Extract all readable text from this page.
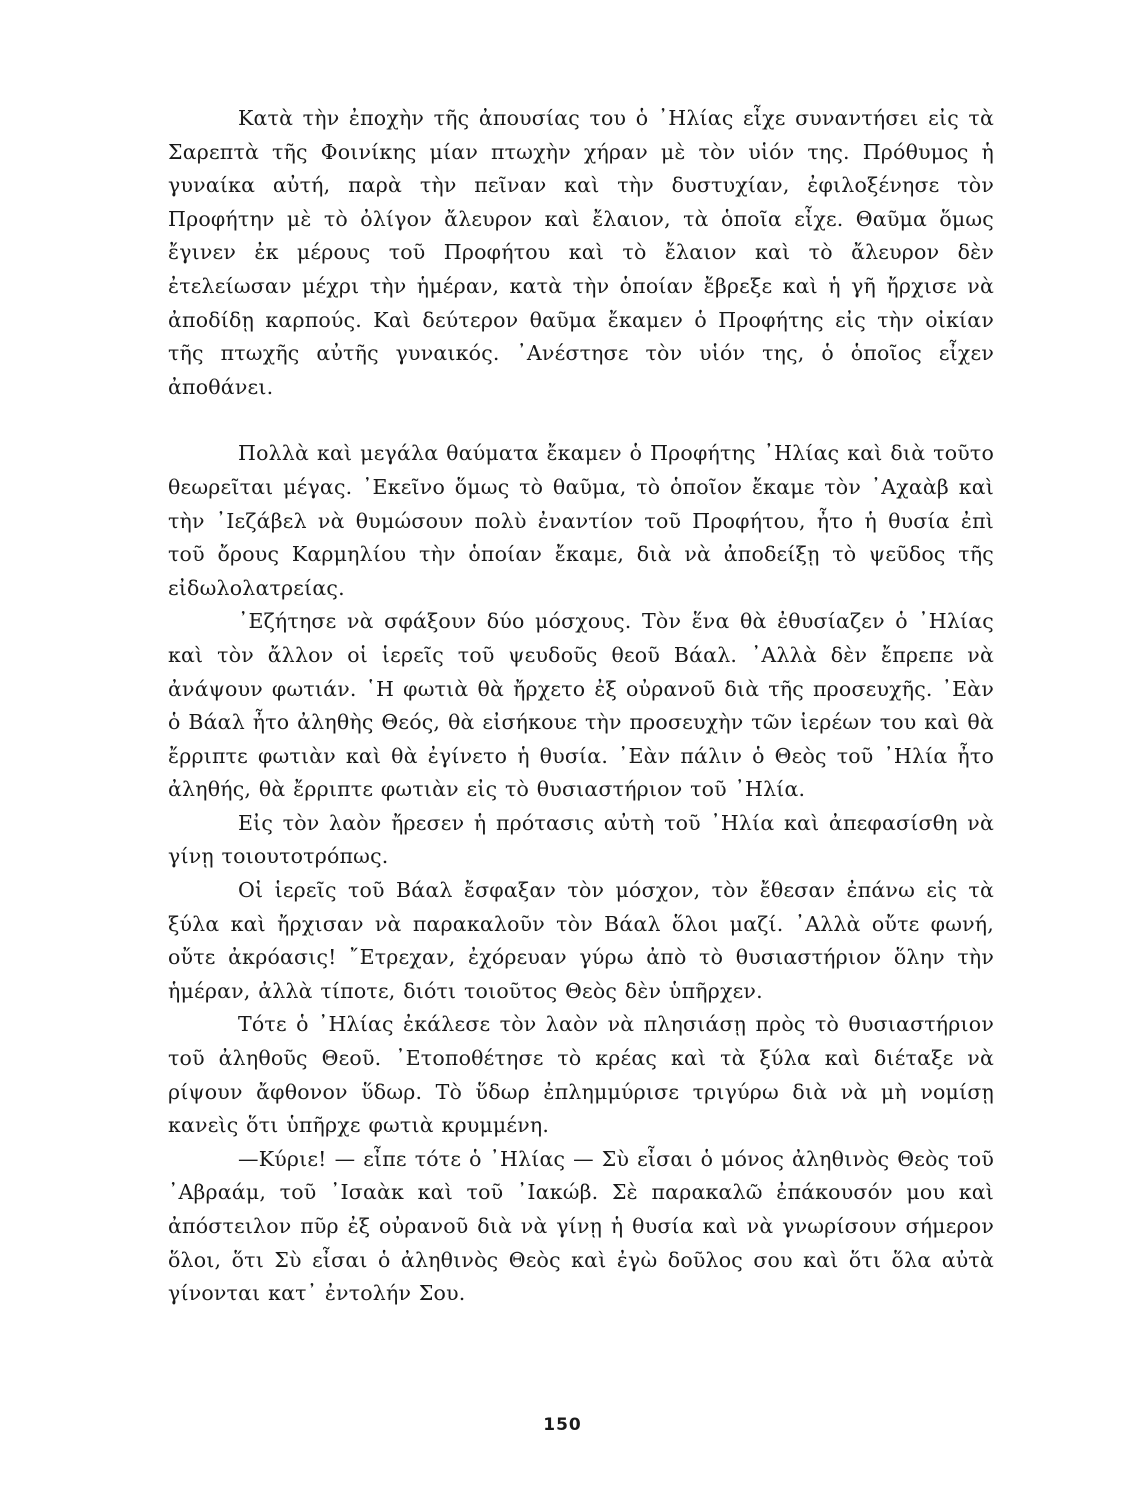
Κατὰ τὴν ἐποχὴν τῆς ἀπουσίας του ὁ ᾿Ηλίας εἶχε συναντήσει εἰς τὰ Σαρεπτὰ τῆς Φοινίκης μίαν πτωχὴν χήραν μὲ τὸν υἱόν της. Πρόθυμος ἡ γυναίκα αὐτή, παρὰ τὴν πεῖναν καὶ τὴν δυστυχίαν, ἐφιλοξένησε τὸν Προφήτην μὲ τὸ ὀλίγον ἄλευρον καὶ ἔλαιον, τὰ ὁποῖα εἶχε. Θαῦμα ὅμως ἔγινεν ἐκ μέρους τοῦ Προφήτου καὶ τὸ ἔλαιον καὶ τὸ ἄλευρον δὲν ἐτελείωσαν μέχρι τὴν ἡμέραν, κατὰ τὴν ὁποίαν ἔβρεξε καὶ ἡ γῆ ἤρχισε νὰ ἀποδίδῃ καρπούς. Καὶ δεύτερον θαῦμα ἔκαμεν ὁ Προφήτης εἰς τὴν οἰκίαν τῆς πτωχῆς αὐτῆς γυναικός. ᾿Ανέστησε τὸν υἱόν της, ὁ ὁποῖος εἶχεν ἀποθάνει.

Πολλὰ καὶ μεγάλα θαύματα ἔκαμεν ὁ Προφήτης ᾿Ηλίας καὶ διὰ τοῦτο θεωρεῖται μέγας. ᾿Εκεῖνο ὅμως τὸ θαῦμα, τὸ ὁποῖον ἔκαμε τὸν ᾿Αχαὰβ καὶ τὴν ᾿Ιεζάβελ νὰ θυμώσουν πολὺ ἐναντίον τοῦ Προφήτου, ἦτο ἡ θυσία ἐπὶ τοῦ ὄρους Καρμηλίου τὴν ὁποίαν ἔκαμε, διὰ νὰ ἀποδείξῃ τὸ ψεῦδος τῆς εἰδωλολατρείας.

᾿Εζήτησε νὰ σφάξουν δύο μόσχους. Τὸν ἕνα θὰ ἐθυσίαζεν ὁ ᾿Ηλίας καὶ τὸν ἄλλον οἱ ἱερεῖς τοῦ ψευδοῦς θεοῦ Βάαλ. ᾿Αλλὰ δὲν ἔπρεπε νὰ ἀνάψουν φωτιάν. ῾Η φωτιὰ θὰ ἤρχετο ἐξ οὐρανοῦ διὰ τῆς προσευχῆς. ᾿Εὰν ὁ Βάαλ ἦτο ἀληθὴς Θεός, θὰ εἰσήκουε τὴν προσευχὴν τῶν ἱερέων του καὶ θὰ ἔρριπτε φωτιὰν καὶ θὰ ἐγίνετο ἡ θυσία. ᾿Εὰν πάλιν ὁ Θεὸς τοῦ ᾿Ηλία ἦτο ἀληθής, θὰ ἔρριπτε φωτιὰν εἰς τὸ θυσιαστήριον τοῦ ᾿Ηλία.

Εἰς τὸν λαὸν ἤρεσεν ἡ πρότασις αὐτὴ τοῦ ᾿Ηλία καὶ ἀπεφασίσθη νὰ γίνῃ τοιουτοτρόπως.

Οἱ ἱερεῖς τοῦ Βάαλ ἔσφαξαν τὸν μόσχον, τὸν ἔθεσαν ἐπάνω εἰς τὰ ξύλα καὶ ἤρχισαν νὰ παρακαλοῦν τὸν Βάαλ ὅλοι μαζί. ᾿Αλλὰ οὔτε φωνή, οὔτε ἀκρόασις! ῎Ετρεχαν, ἐχόρευαν γύρω ἀπὸ τὸ θυσιαστήριον ὅλην τὴν ἡμέραν, ἀλλὰ τίποτε, διότι τοιοῦτος Θεὸς δὲν ὑπῆρχεν.

Τότε ὁ ᾿Ηλίας ἐκάλεσε τὸν λαὸν νὰ πλησιάσῃ πρὸς τὸ θυσιαστήριον τοῦ ἀληθοῦς Θεοῦ. ᾿Ετοποθέτησε τὸ κρέας καὶ τὰ ξύλα καὶ διέταξε νὰ ρίψουν ἄφθονον ὕδωρ. Τὸ ὕδωρ ἐπλημμύρισε τριγύρω διὰ νὰ μὴ νομίσῃ κανεὶς ὅτι ὑπῆρχε φωτιὰ κρυμμένη.

—Κύριε! — εἶπε τότε ὁ ᾿Ηλίας — Σὺ εἶσαι ὁ μόνος ἀληθινὸς Θεὸς τοῦ ᾿Αβραάμ, τοῦ ᾿Ισαὰκ καὶ τοῦ ᾿Ιακώβ. Σὲ παρακαλῶ ἐπάκουσόν μου καὶ ἀπόστειλον πῦρ ἐξ οὐρανοῦ διὰ νὰ γίνῃ ἡ θυσία καὶ νὰ γνωρίσουν σήμερον ὅλοι, ὅτι Σὺ εἶσαι ὁ ἀληθινὸς Θεὸς καὶ ἐγὼ δοῦλος σου καὶ ὅτι ὅλα αὐτὰ γίνονται κατ᾿ ἐντολήν Σου.

150
